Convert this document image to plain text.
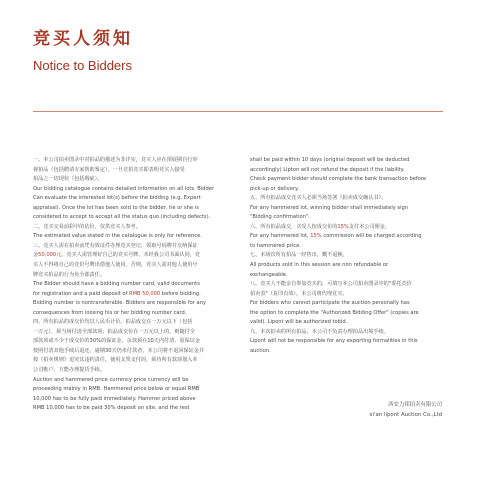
竞买人须知
Notice to Bidders
一、本公司拍卖图录中对拍品的描述为非详实，竞买人应在预展期自行审
视拍品（包括聘请专家帮助鉴定），一旦竞拍竞买即表明竞买人接受
拍品之一切现状（包括瑕疵）。
Our bidding catalogue contains detailed information on all lots. Bidder
Can evaluate the interested lot(s) before the bidding (e.g. Expert
appraisal). Once the lot has been sold to the bidder, he or she is
considered to accept to accept all the status quo (including defects).
二、竞买交易前彩中的估价，仅供竞买人参考。
The estimated value stated in the catalogue is only for reference.
三、竞买人需在拍卖前凭有效证件办理竞买登记，领取号码牌并交纳保证
金50,000元。竞买人需管理好自己的竞买号牌，未经我公司书面认同，竞
买人不得将自己的竞价号牌出借他人使用。否则，竞买人需对他人使用号
牌竞买拍品的行为负全部责任。
The Bidder should have a bidding number card, valid documents
for registration and a paid deposit of RMB 50,000 before bidding.
Bidding number is nontransferable. Bidders are responsible for any
consequences from loosing his or her bidding number card.
四、所有拍品的成交价均以人民币计价。拍品成交在一万元以下（包括
一万元），须当场付清全部款项；拍品成交价在一万元以上的，则随付全
部款项或不少于成交价的30%的保证金，余款须在10天内付清，原保证金
按照付清其他手续后退还。逾期30天仍未付款者，本公司将不退回保证金并
按《拍卖规则》追究其违约责任，使用支票支付的，须待所有款项划入本
公司帐户，方能办理提货手续。
Auction and hammered price currency price currency will be
proceeding mainly in RMB. Hammered price below or equal RMB
10,000 has to be fully paid immediately. Hammer priced above
RMB 10,000 has to be paid 30% deposit on site, and the rest
shall be paid within 10 days (original deposit will be deducted
accordingly) Lipton will not refund the deposit if the liability.
Check payment bidder should complete the bank transaction before
pick-up or delivery.
五、所有拍品成交竞买人必须当场签署《拍卖成交确认书》。
For any hammered lot, winning bidder shall immediately sign
"Bidding confirmation".
六、所有拍品成交，买受人按成交价的15%支付本公司佣金。
For any hammered lot, 15% commission will be charged according
to hammered price.
七、本场次所有拍品一经售出，概不退换。
All products sold in this session are non refundable or
exchangeable.
八、竞买人不能亲自参加竞买的，可填写本公司拍卖图录中的"委托竞价
拍卖表"（复印有效），本公司将代理竞买。
For bidders who cannot participate the auction personally has
the option to complete the "Authorized Bidding Offer" (copies are
valid). Lipont will be authorized tobid.
九、本次拍卖的所有拍品，本公司不负责办理拍品出境手续。
Lipont will not be responsible for any exporting formalities in this
auction.
西安力邦拍卖有限公司
xi'an lipont Auction Co.,Ltd
